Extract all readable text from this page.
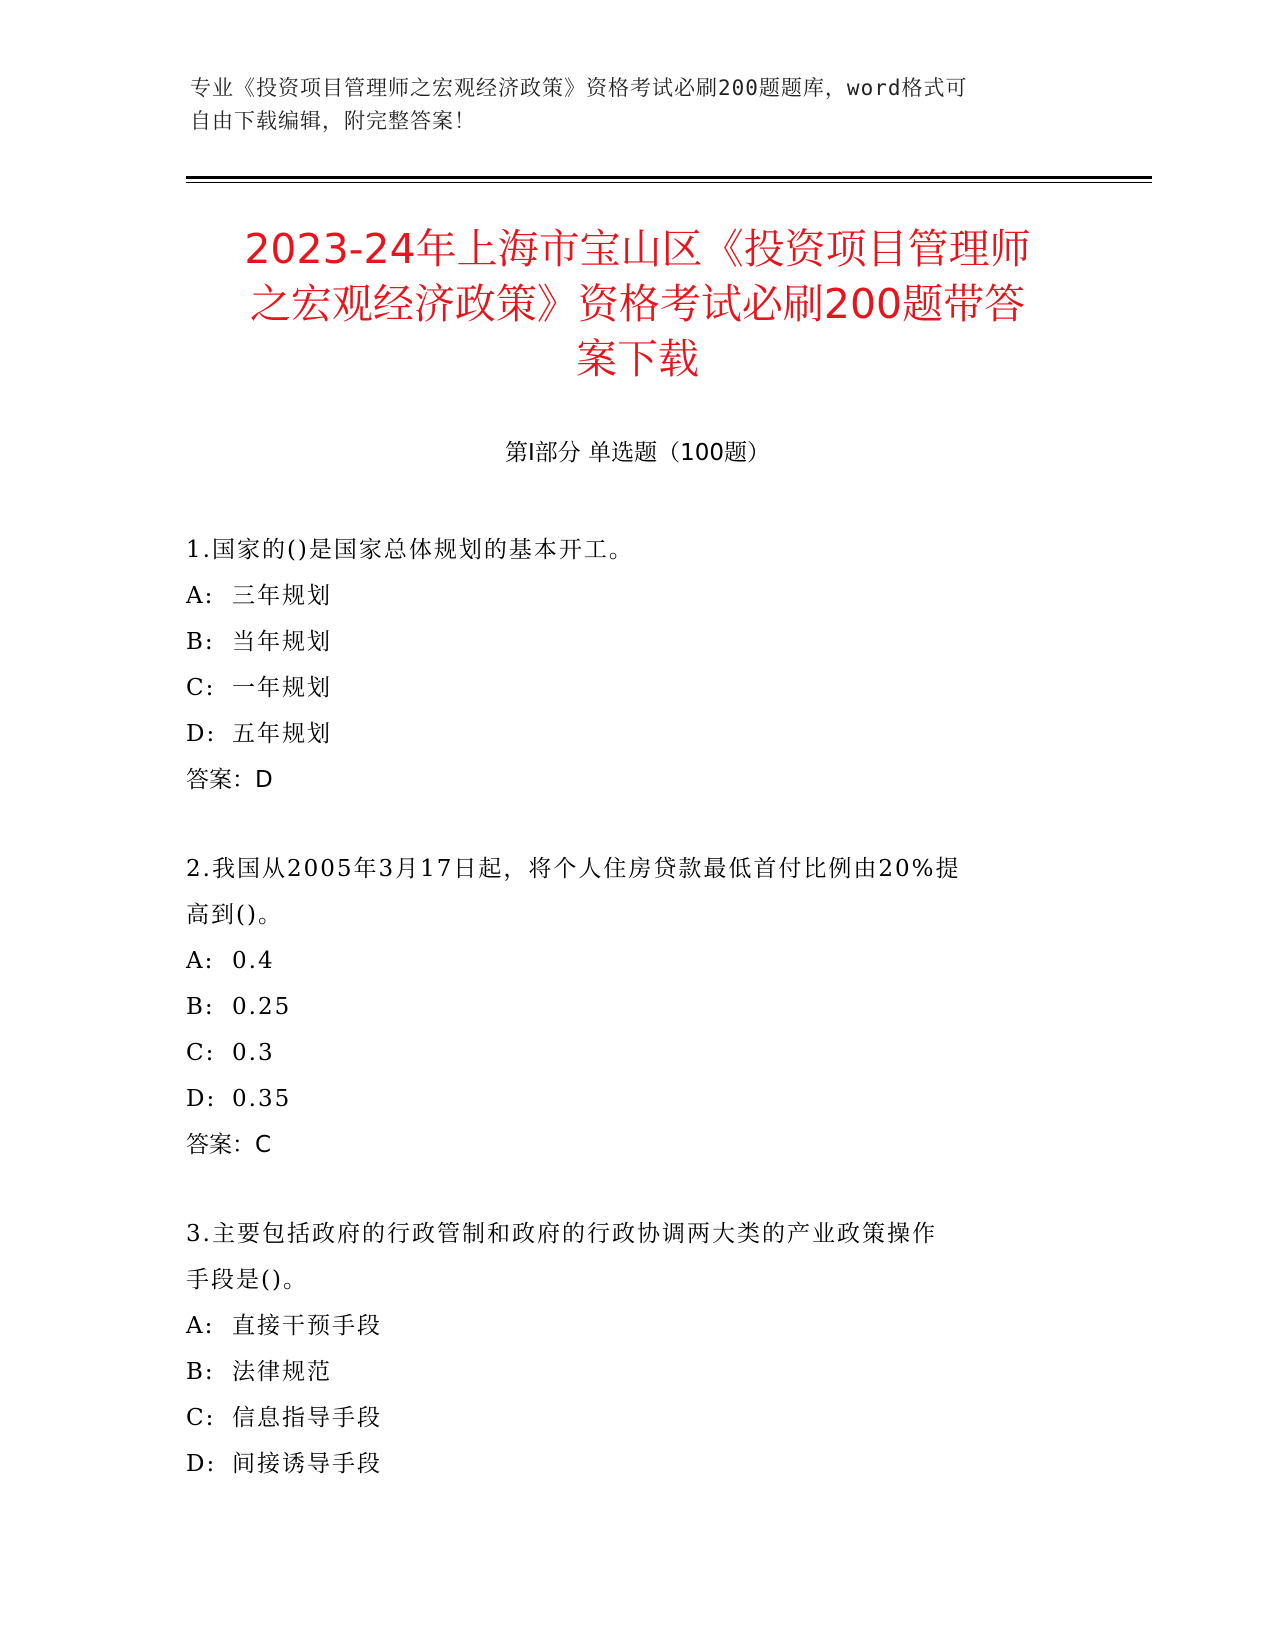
专业《投资项目管理师之宏观经济政策》资格考试必刷200题题库，word格式可
自由下载编辑，附完整答案！
2023-24年上海市宝山区《投资项目管理师
之宏观经济政策》资格考试必刷200题带答
案下载
第Ⅰ部分 单选题（100题）

1.国家的()是国家总体规划的基本开工。

A: 三年规划

B: 当年规划

C: 一年规划

D: 五年规划

答案：D

2.我国从2005年3月17日起，将个人住房贷款最低首付比例由20%提

高到()。

A: 0.4

B: 0.25

C: 0.3

D: 0.35

答案：C

3.主要包括政府的行政管制和政府的行政协调两大类的产业政策操作

手段是()。

A: 直接干预手段

B: 法律规范

C: 信息指导手段

D: 间接诱导手段
